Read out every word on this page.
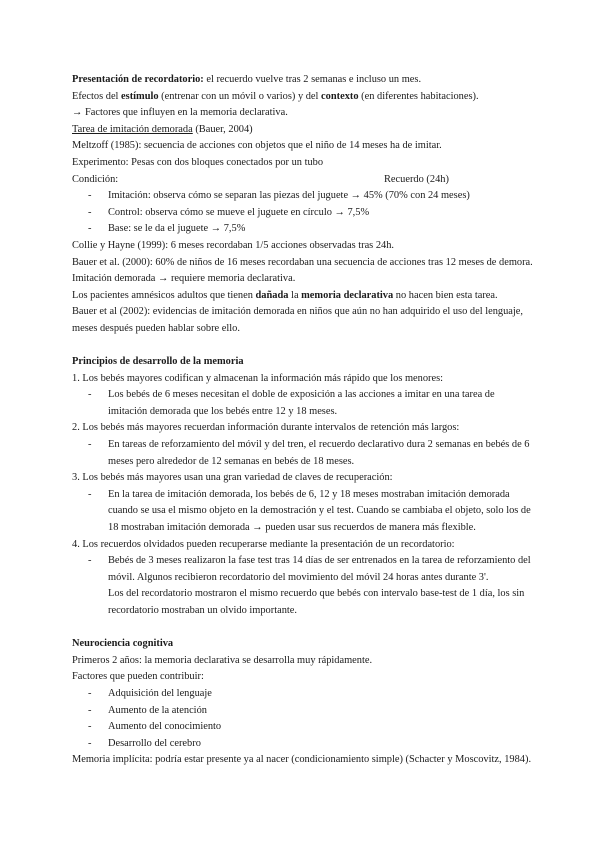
Presentación de recordatorio: el recuerdo vuelve tras 2 semanas e incluso un mes.
Efectos del estímulo (entrenar con un móvil o varios) y del contexto (en diferentes habitaciones).
→ Factores que influyen en la memoria declarativa.
Tarea de imitación demorada (Bauer, 2004)
Meltzoff (1985): secuencia de acciones con objetos que el niño de 14 meses ha de imitar.
Experimento: Pesas con dos bloques conectados por un tubo
Condición:	Recuerdo (24h)
- Imitación: observa cómo se separan las piezas del juguete → 45% (70% con 24 meses)
- Control: observa cómo se mueve el juguete en círculo → 7,5%
- Base: se le da el juguete → 7,5%
Collie y Hayne (1999): 6 meses recordaban 1/5 acciones observadas tras 24h.
Bauer et al. (2000): 60% de niños de 16 meses recordaban una secuencia de acciones tras 12 meses de demora.
Imitación demorada → requiere memoria declarativa.
Los pacientes amnésicos adultos que tienen dañada la memoria declarativa no hacen bien esta tarea.
Bauer et al (2002): evidencias de imitación demorada en niños que aún no han adquirido el uso del lenguaje,
meses después pueden hablar sobre ello.
Principios de desarrollo de la memoria
1. Los bebés mayores codifican y almacenan la información más rápido que los menores:
- Los bebés de 6 meses necesitan el doble de exposición a las acciones a imitar en una tarea de
imitación demorada que los bebés entre 12 y 18 meses.
2. Los bebés más mayores recuerdan información durante intervalos de retención más largos:
- En tareas de reforzamiento del móvil y del tren, el recuerdo declarativo dura 2 semanas en bebés de 6
meses pero alrededor de 12 semanas en bebés de 18 meses.
3. Los bebés más mayores usan una gran variedad de claves de recuperación:
- En la tarea de imitación demorada, los bebés de 6, 12 y 18 meses mostraban imitación demorada
cuando se usa el mismo objeto en la demostración y el test. Cuando se cambiaba el objeto, solo los de
18 mostraban imitación demorada → pueden usar sus recuerdos de manera más flexible.
4. Los recuerdos olvidados pueden recuperarse mediante la presentación de un recordatorio:
- Bebés de 3 meses realizaron la fase test tras 14 días de ser entrenados en la tarea de reforzamiento del
móvil. Algunos recibieron recordatorio del movimiento del móvil 24 horas antes durante 3'.
Los del recordatorio mostraron el mismo recuerdo que bebés con intervalo base-test de 1 día, los sin
recordatorio mostraban un olvido importante.
Neurociencia cognitiva
Primeros 2 años: la memoria declarativa se desarrolla muy rápidamente.
Factores que pueden contribuir:
- Adquisición del lenguaje
- Aumento de la atención
- Aumento del conocimiento
- Desarrollo del cerebro
Memoria implícita: podría estar presente ya al nacer (condicionamiento simple) (Schacter y Moscovitz, 1984).
